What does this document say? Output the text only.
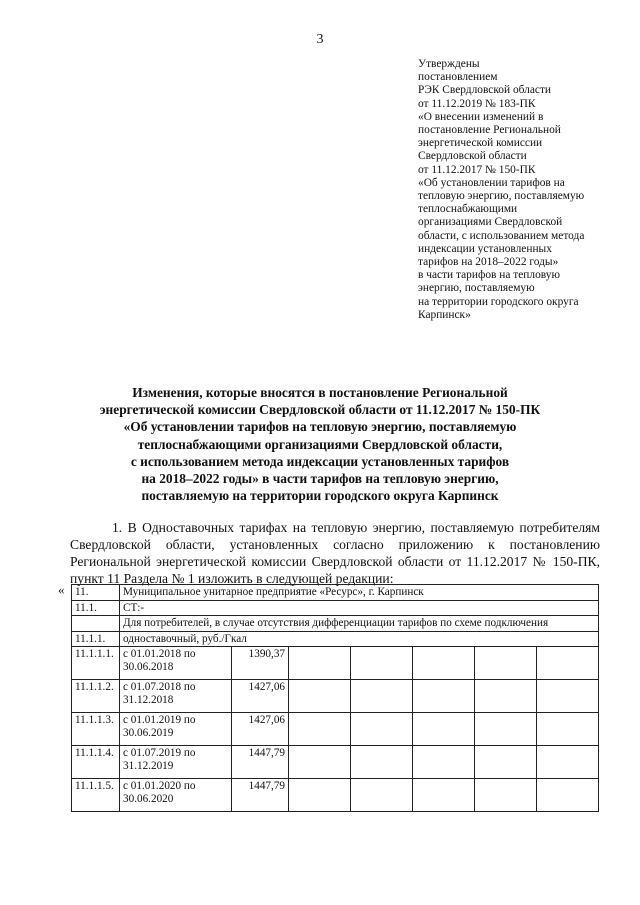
3
Утверждены
постановлением
РЭК Свердловской области
от 11.12.2019 № 183-ПК
«О внесении изменений в
постановление Региональной
энергетической комиссии
Свердловской области
от 11.12.2017 № 150-ПК
«Об установлении тарифов на
тепловую энергию, поставляемую
теплоснабжающими
организациями Свердловской
области, с использованием метода
индексации установленных
тарифов на 2018–2022 годы»
в части тарифов на тепловую
энергию, поставляемую
на территории городского округа
Карпинск»
Изменения, которые вносятся в постановление Региональной
энергетической комиссии Свердловской области от 11.12.2017 № 150-ПК
«Об установлении тарифов на тепловую энергию, поставляемую
теплоснабжающими организациями Свердловской области,
с использованием метода индексации установленных тарифов
на 2018–2022 годы» в части тарифов на тепловую энергию,
поставляемую на территории городского округа Карпинск
1. В Одноставочных тарифах на тепловую энергию, поставляемую потребителям Свердловской области, установленных согласно приложению к постановлению Региональной энергетической комиссии Свердловской области от 11.12.2017 № 150-ПК, пункт 11 Раздела № 1 изложить в следующей редакции:
« 11.	Муниципальное унитарное предприятие «Ресурс», г. Карпинск						
11.1.	СТ:-						
	Для потребителей, в случае отсутствия дифференциации тарифов по схеме подключения						
11.1.1.	одноставочный, руб./Гкал						
11.1.1.1.	с 01.01.2018 по 30.06.2018	1390,37					
11.1.1.2.	с 01.07.2018 по 31.12.2018	1427,06					
11.1.1.3.	с 01.01.2019 по 30.06.2019	1427,06					
11.1.1.4.	с 01.07.2019 по 31.12.2019	1447,79					
11.1.1.5.	с 01.01.2020 по 30.06.2020	1447,79					
